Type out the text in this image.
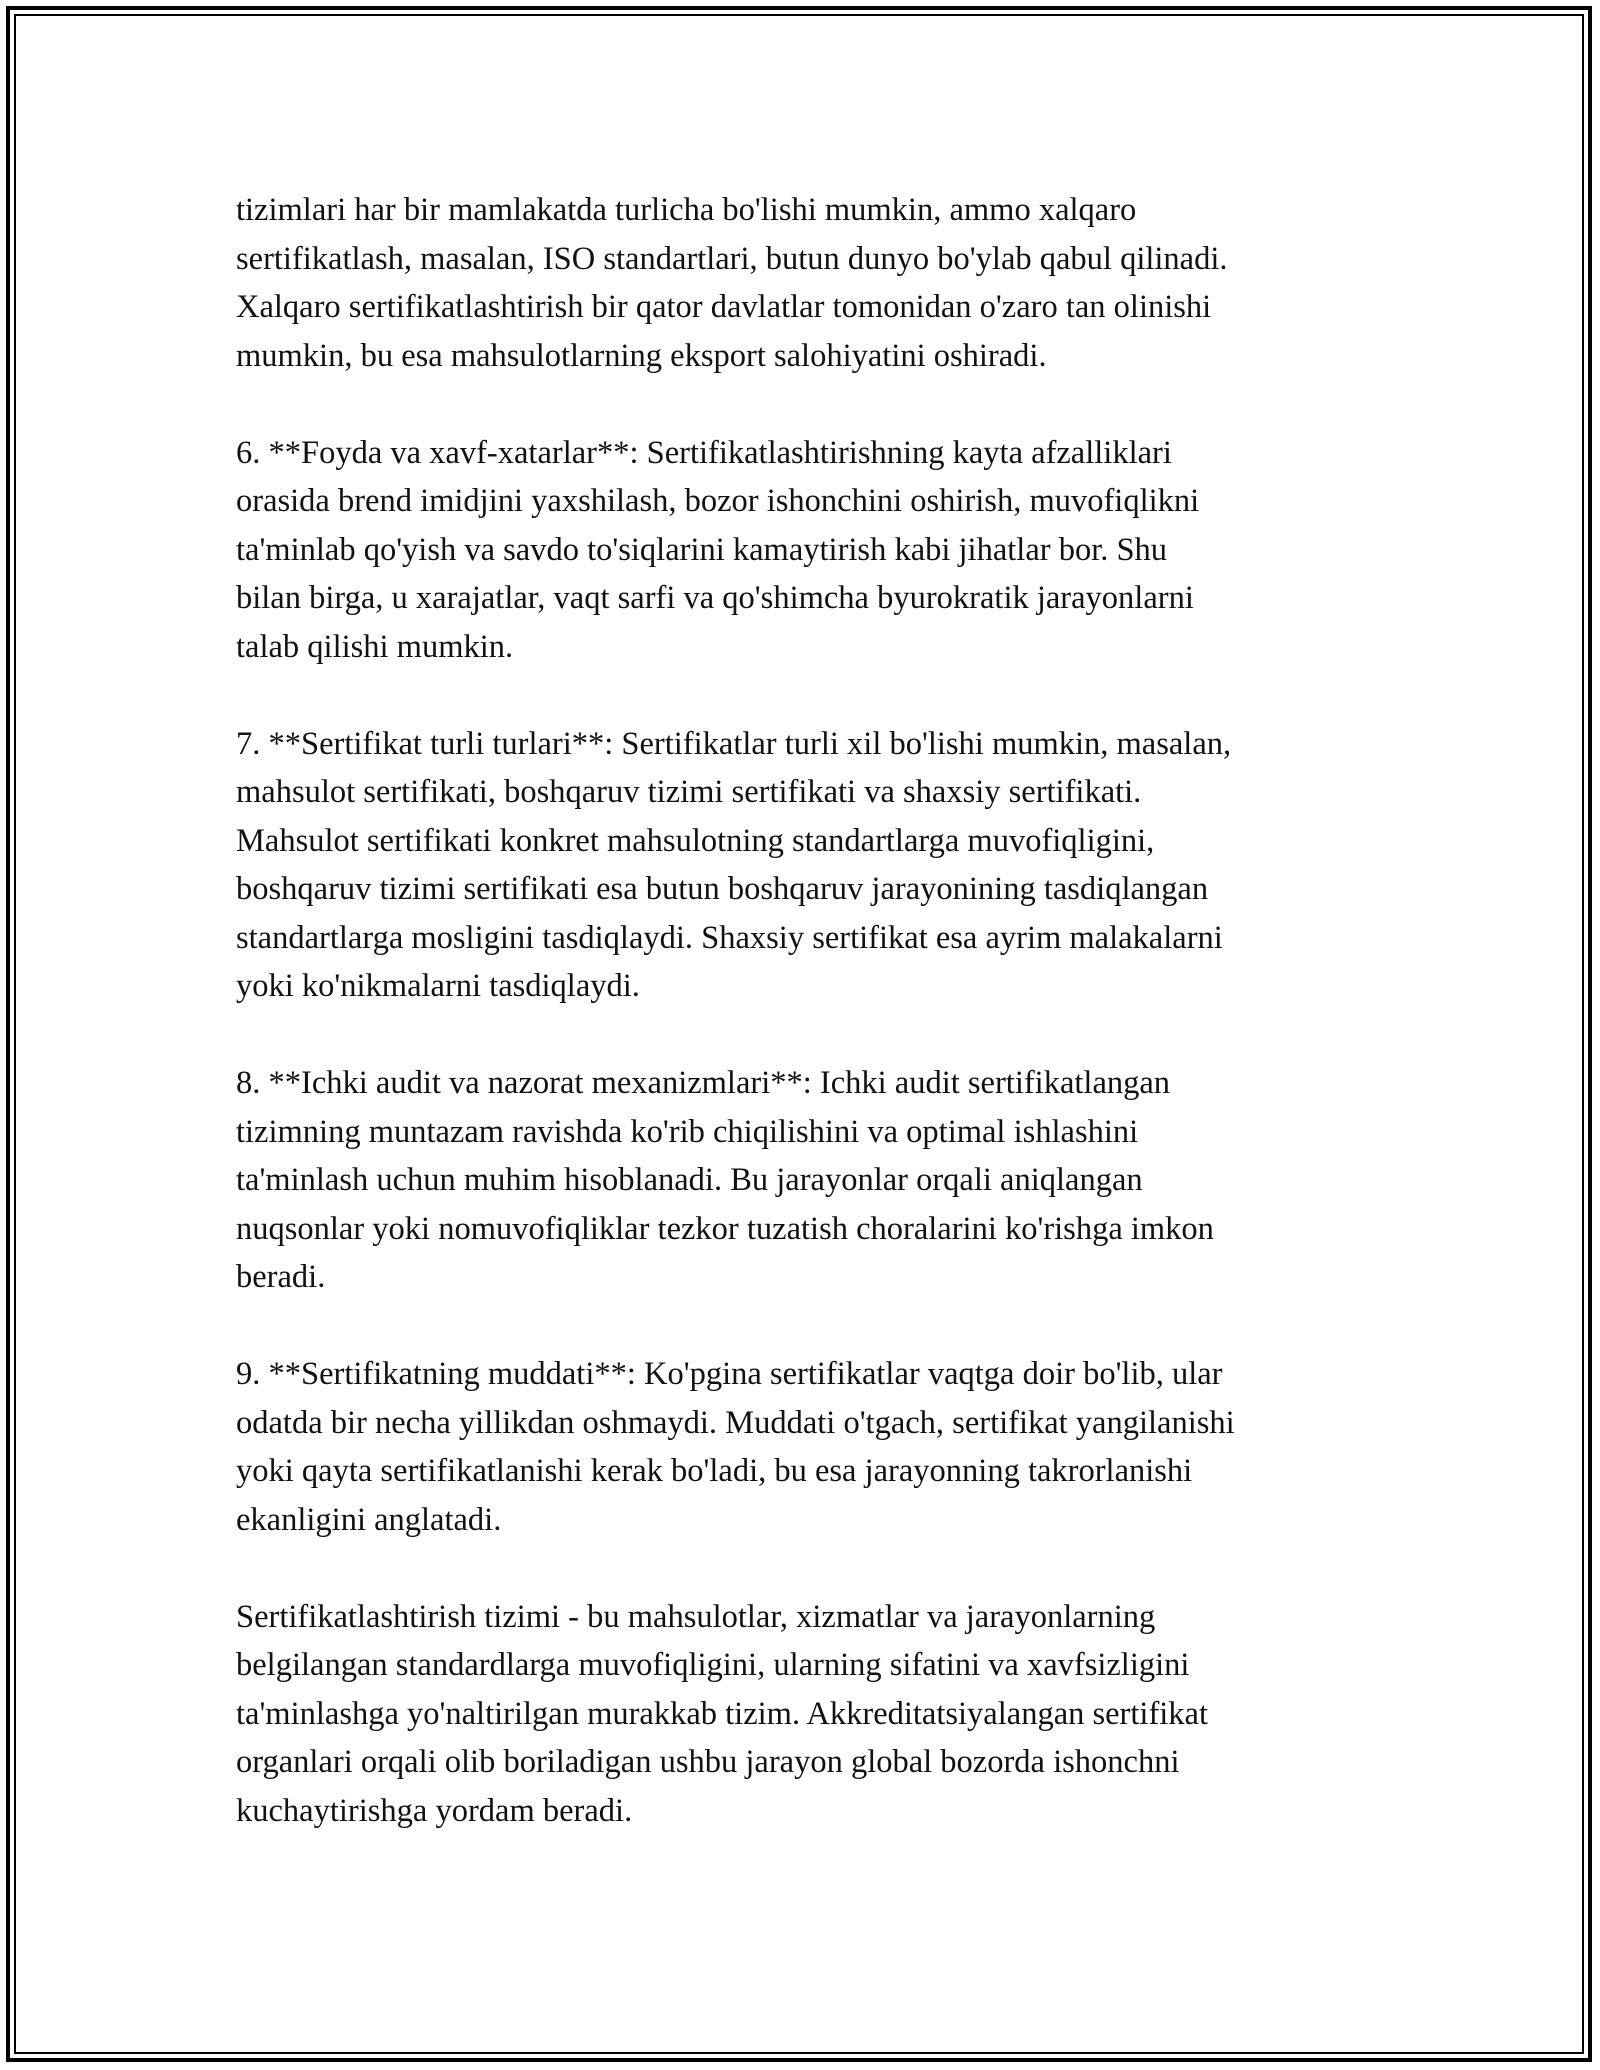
tizimlari har bir mamlakatda turlicha bo'lishi mumkin, ammo xalqaro
sertifikatlash, masalan, ISO standartlari, butun dunyo bo'ylab qabul qilinadi.
Xalqaro sertifikatlashtirish bir qator davlatlar tomonidan o'zaro tan olinishi
mumkin, bu esa mahsulotlarning eksport salohiyatini oshiradi.

6. **Foyda va xavf-xatarlar**: Sertifikatlashtirishning kayta afzalliklari
orasida brend imidjini yaxshilash, bozor ishonchini oshirish, muvofiqlikni
ta'minlab qo'yish va savdo to'siqlarini kamaytirish kabi jihatlar bor. Shu
bilan birga, u xarajatlar, vaqt sarfi va qo'shimcha byurokratik jarayonlarni
talab qilishi mumkin.

7. **Sertifikat turli turlari**: Sertifikatlar turli xil bo'lishi mumkin, masalan,
mahsulot sertifikati, boshqaruv tizimi sertifikati va shaxsiy sertifikati.
Mahsulot sertifikati konkret mahsulotning standartlarga muvofiqligini,
boshqaruv tizimi sertifikati esa butun boshqaruv jarayonining tasdiqlangan
standartlarga mosligini tasdiqlaydi. Shaxsiy sertifikat esa ayrim malakalarni
yoki ko'nikmalarni tasdiqlaydi.

8. **Ichki audit va nazorat mexanizmlari**: Ichki audit sertifikatlangan
tizimning muntazam ravishda ko'rib chiqilishini va optimal ishlashini
ta'minlash uchun muhim hisoblanadi. Bu jarayonlar orqali aniqlangan
nuqsonlar yoki nomuvofiqliklar tezkor tuzatish choralarini ko'rishga imkon
beradi.

9. **Sertifikatning muddati**: Ko'pgina sertifikatlar vaqtga doir bo'lib, ular
odatda bir necha yillikdan oshmaydi. Muddati o'tgach, sertifikat yangilanishi
yoki qayta sertifikatlanishi kerak bo'ladi, bu esa jarayonning takrorlanishi
ekanligini anglatadi.

Sertifikatlashtirish tizimi - bu mahsulotlar, xizmatlar va jarayonlarning
belgilangan standardlarga muvofiqligini, ularning sifatini va xavfsizligini
ta'minlashga yo'naltirilgan murakkab tizim. Akkreditatsiyalangan sertifikat
organlari orqali olib boriladigan ushbu jarayon global bozorda ishonchni
kuchaytirishga yordam beradi.
